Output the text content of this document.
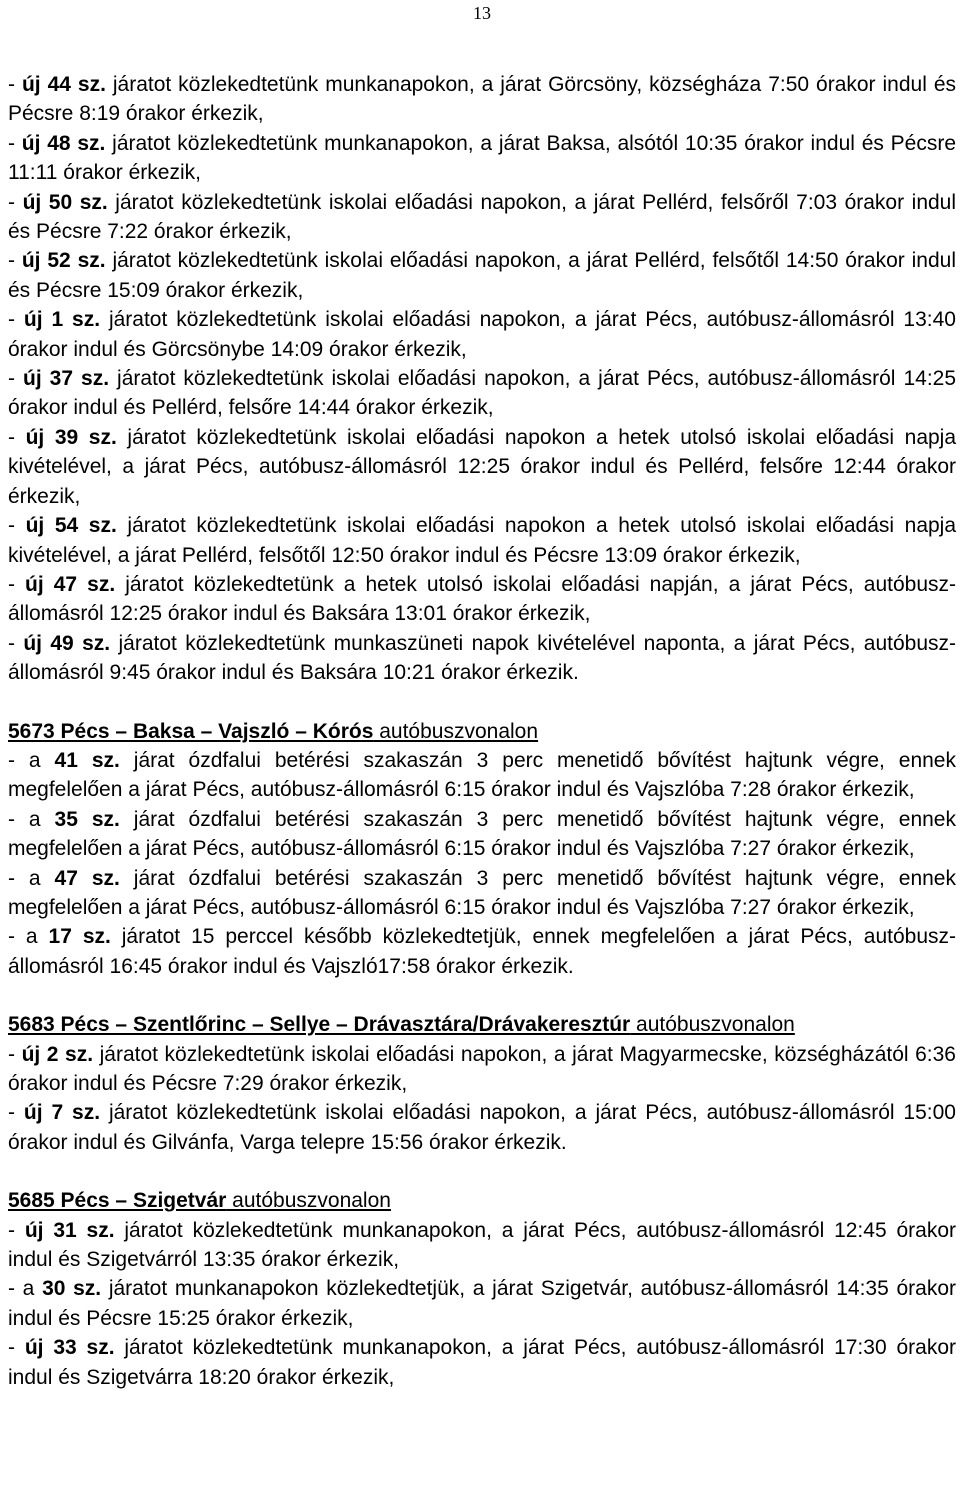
13

- új 44 sz. járatot közlekedtetünk munkanapokon, a járat Görcsöny, községháza 7:50 órakor indul és Pécsre 8:19 órakor érkezik,

- új 48 sz. járatot közlekedtetünk munkanapokon, a járat Baksa, alsótól 10:35 órakor indul és Pécsre 11:11 órakor érkezik,

- új 50 sz. járatot közlekedtetünk iskolai előadási napokon, a járat Pellérd, felsőről 7:03 órakor indul és Pécsre 7:22 órakor érkezik,

- új 52 sz. járatot közlekedtetünk iskolai előadási napokon, a járat Pellérd, felsőtől 14:50 órakor indul és Pécsre 15:09 órakor érkezik,

- új 1 sz. járatot közlekedtetünk iskolai előadási napokon, a járat Pécs, autóbusz-állomásról 13:40 órakor indul és Görcsönybe 14:09 órakor érkezik,

- új 37 sz. járatot közlekedtetünk iskolai előadási napokon, a járat Pécs, autóbusz-állomásról 14:25 órakor indul és Pellérd, felsőre 14:44 órakor érkezik,

- új 39 sz. járatot közlekedtetünk iskolai előadási napokon a hetek utolsó iskolai előadási napja kivételével, a járat Pécs, autóbusz-állomásról 12:25 órakor indul és Pellérd, felsőre 12:44 órakor érkezik,

- új 54 sz. járatot közlekedtetünk iskolai előadási napokon a hetek utolsó iskolai előadási napja kivételével, a járat Pellérd, felsőtől 12:50 órakor indul és Pécsre 13:09 órakor érkezik,

- új 47 sz. járatot közlekedtetünk a hetek utolsó iskolai előadási napján, a járat Pécs, autóbusz-állomásról 12:25 órakor indul és Baksára 13:01 órakor érkezik,

- új 49 sz. járatot közlekedtetünk munkaszüneti napok kivételével naponta, a járat Pécs, autóbusz-állomásról 9:45 órakor indul és Baksára 10:21 órakor érkezik.

5673 Pécs – Baksa – Vajszló – Kórós autóbuszvonalon

- a 41 sz. járat ózdfalui betérési szakaszán 3 perc menetidő bővítést hajtunk végre, ennek megfelelően a járat Pécs, autóbusz-állomásról 6:15 órakor indul és Vajszlóba 7:28 órakor érkezik,

- a 35 sz. járat ózdfalui betérési szakaszán 3 perc menetidő bővítést hajtunk végre, ennek megfelelően a járat Pécs, autóbusz-állomásról 6:15 órakor indul és Vajszlóba 7:27 órakor érkezik,

- a 47 sz. járat ózdfalui betérési szakaszán 3 perc menetidő bővítést hajtunk végre, ennek megfelelően a járat Pécs, autóbusz-állomásról 6:15 órakor indul és Vajszlóba 7:27 órakor érkezik,

- a 17 sz. járatot 15 perccel később közlekedtetjük, ennek megfelelően a járat Pécs, autóbusz-állomásról 16:45 órakor indul és Vajszló17:58 órakor érkezik.

5683 Pécs – Szentlőrinc – Sellye – Drávasztára/Drávakeresztúr autóbuszvonalon

- új 2 sz. járatot közlekedtetünk iskolai előadási napokon, a járat Magyarmecske, községházától 6:36 órakor indul és Pécsre 7:29 órakor érkezik,

- új 7 sz. járatot közlekedtetünk iskolai előadási napokon, a járat Pécs, autóbusz-állomásról 15:00 órakor indul és Gilvánfa, Varga telepre 15:56 órakor érkezik.

5685 Pécs – Szigetvár autóbuszvonalon

- új 31 sz. járatot közlekedtetünk munkanapokon, a járat Pécs, autóbusz-állomásról 12:45 órakor indul és Szigetvárról 13:35 órakor érkezik,

- a 30 sz. járatot munkanapokon közlekedtetjük, a járat Szigetvár, autóbusz-állomásról 14:35 órakor indul és Pécsre 15:25 órakor érkezik,

- új 33 sz. járatot közlekedtetünk munkanapokon, a járat Pécs, autóbusz-állomásról 17:30 órakor indul és Szigetvárra 18:20 órakor érkezik,
